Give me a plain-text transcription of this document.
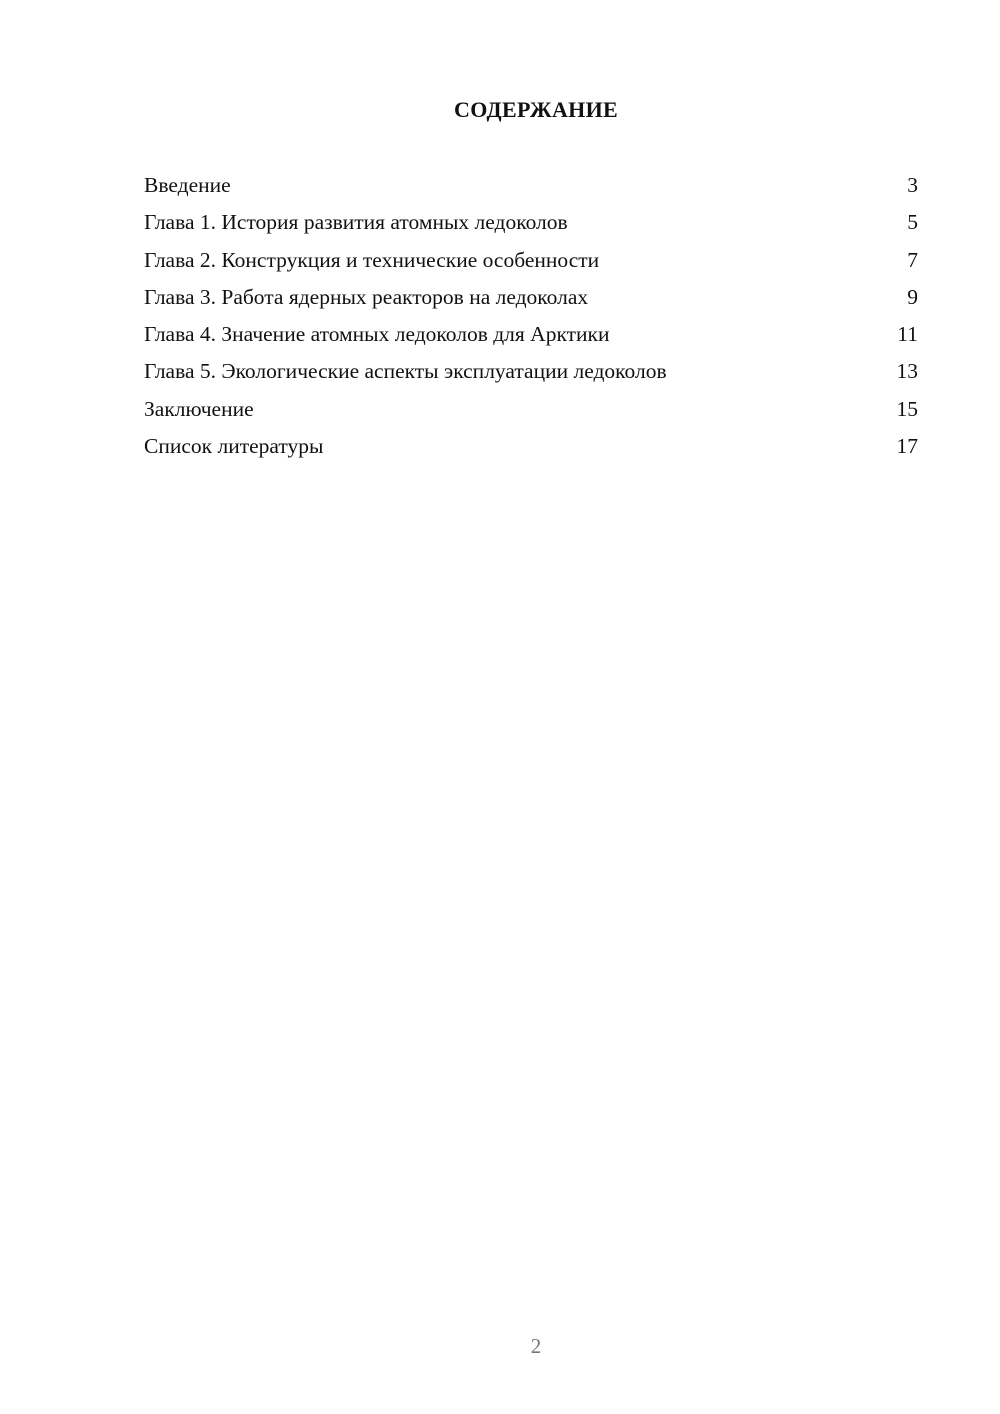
СОДЕРЖАНИЕ
Введение	3
Глава 1. История развития атомных ледоколов	5
Глава 2. Конструкция и технические особенности	7
Глава 3. Работа ядерных реакторов на ледоколах	9
Глава 4. Значение атомных ледоколов для Арктики	11
Глава 5. Экологические аспекты эксплуатации ледоколов	13
Заключение	15
Список литературы	17
2
